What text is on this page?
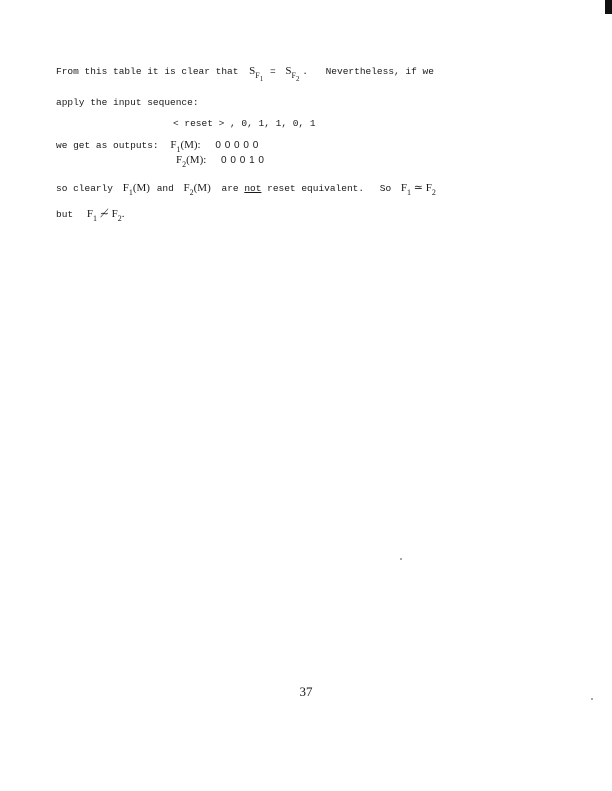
From this table it is clear that $S_{F_1} = S_{F_2}$ . Nevertheless, if we
apply the input sequence:
< reset > , 0, 1, 1, 0, 1
we get as outputs: $F_1(M)$: 0 0 0 0 0
$F_2(M)$: 0 0 0 1 0
so clearly $F_1(M)$ and $F_2(M)$ are not reset equivalent. So $F_1$ ≃ $F_2$
but $F_1$ ≁ $F_2$.
37
